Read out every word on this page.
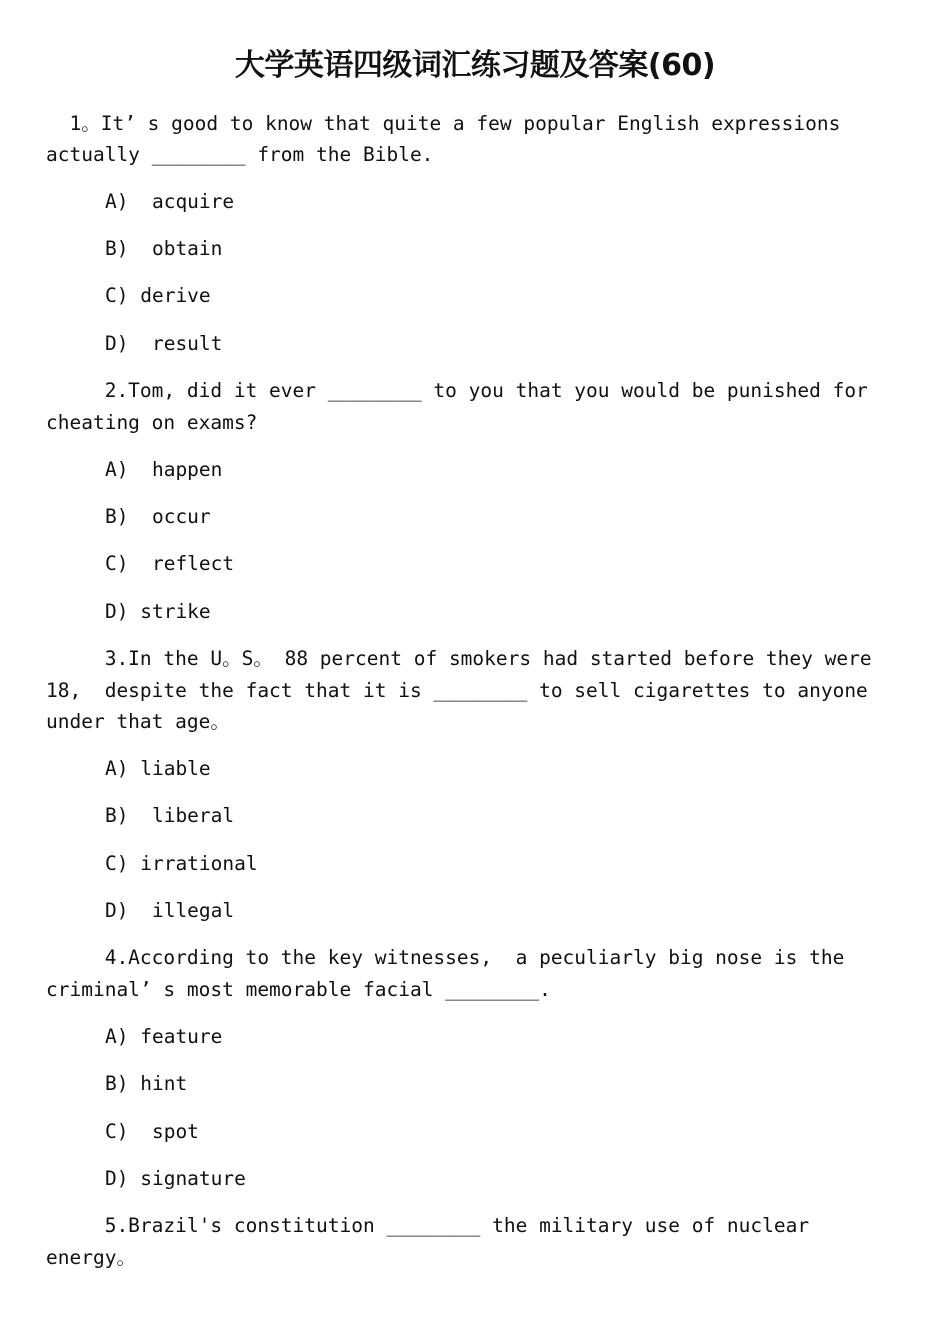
大学英语四级词汇练习题及答案(60)

1。It’ s good to know that quite a few popular English expressions

actually ________ from the Bible.

A)  acquire

B)  obtain

C) derive

D)  result

2.Tom, did it ever ________ to you that you would be punished for

cheating on exams?

A)  happen

B)  occur

C)  reflect

D) strike

3.In the U。S。 88 percent of smokers had started before they were

18,  despite the fact that it is ________ to sell cigarettes to anyone

under that age。

A) liable

B)  liberal

C) irrational

D)  illegal

4.According to the key witnesses,  a peculiarly big nose is the

criminal’ s most memorable facial ________.

A) feature

B) hint

C)  spot

D) signature

5.Brazil's constitution ________ the military use of nuclear

energy。
